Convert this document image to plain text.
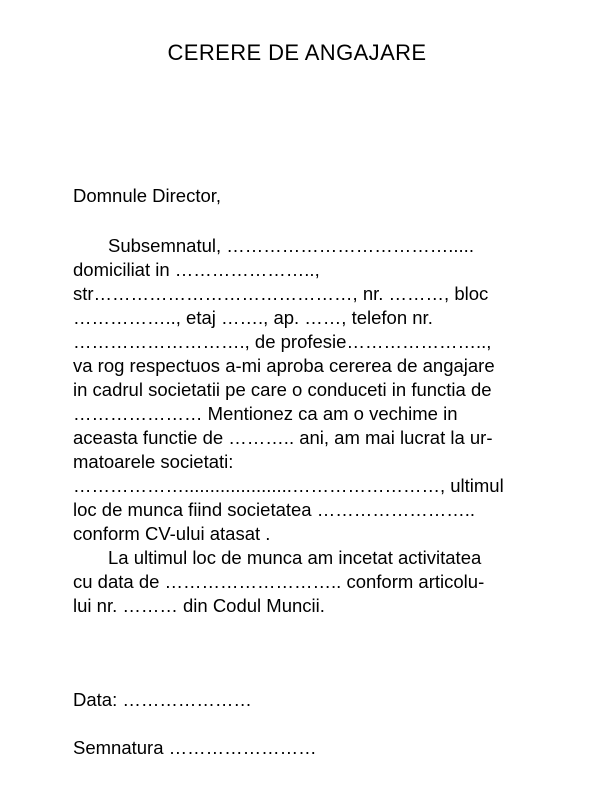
CERERE DE ANGAJARE
Domnule Director,
Subsemnatul, ……………………………….....
domiciliat in …………………..,
str……………………………………, nr. ………, bloc
…………….., etaj ……., ap. ……, telefon nr.
………………………., de profesie…………………..,
va rog respectuos a-mi aproba cererea de angajare
in cadrul societatii pe care o conduceti in functia de
………………… Mentionez ca am o vechime in
aceasta functie de ……….. ani, am mai lucrat la ur-
matoarele societati:
……………….....................……………………, ultimul
loc de munca fiind societatea ……………………..
conform CV-ului atasat .
La ultimul loc de munca am incetat activitatea
cu data de ……………………….. conform articolu-
lui nr. ……… din Codul Muncii.
Data: …………………
Semnatura ……………………
